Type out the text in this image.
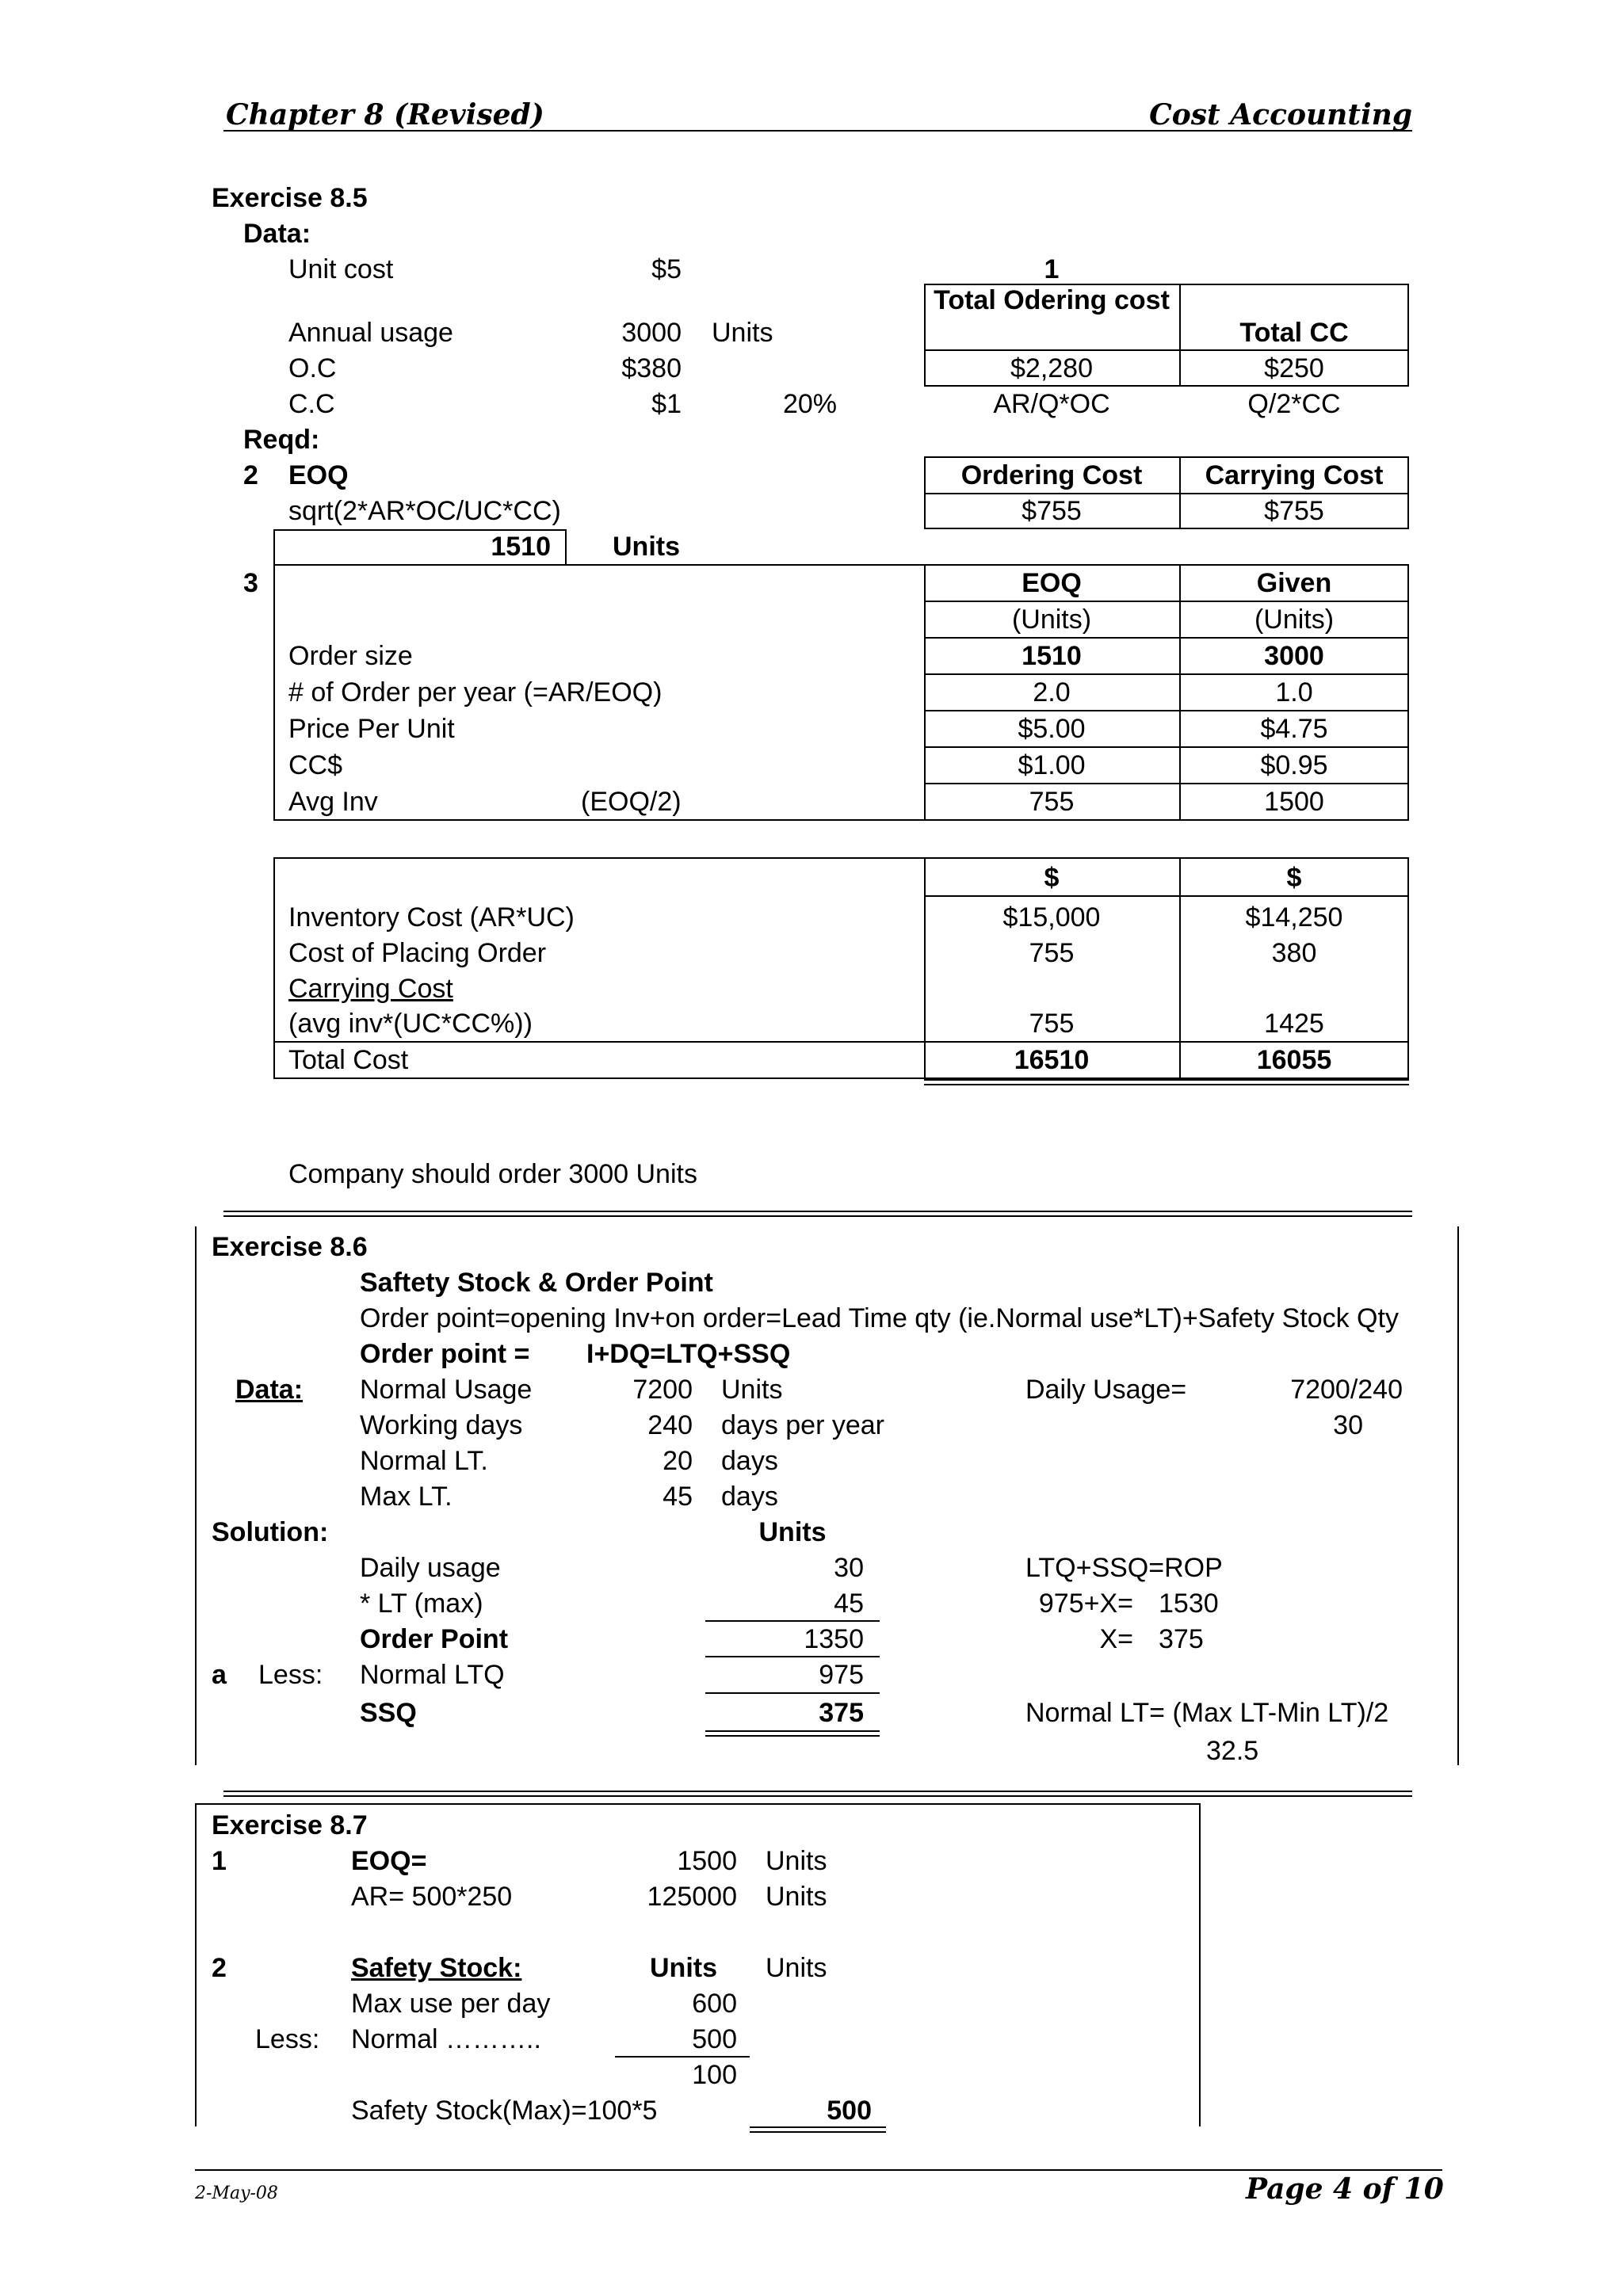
Chapter 8 (Revised)	Cost Accounting
Exercise 8.5
Data:
Unit cost	$5
Annual usage	3000 Units
O.C	$380
C.C	$1	20%
1
Total Odering cost
Total CC
$2,280	$250
AR/Q*OC	Q/2*CC
Reqd:
2 EOQ
sqrt(2*AR*OC/UC*CC)
Ordering Cost	Carrying Cost
$755	$755
1510 Units
3	EOQ	Given
(Units)	(Units)
Order size	1510	3000
# of Order per year (=AR/EOQ)	2.0	1.0
Price Per Unit	$5.00	$4.75
CC$	$1.00	$0.95
Avg Inv	(EOQ/2)	755	1500
$	$
Inventory Cost (AR*UC)	$15,000	$14,250
Cost of Placing Order	755	380
Carrying Cost
(avg inv*(UC*CC%))	755	1425
Total Cost	16510	16055
Company should order 3000 Units
Exercise 8.6
Saftety Stock & Order Point
Order point=opening Inv+on order=Lead Time qty (ie.Normal use*LT)+Safety Stock Qty
Order point = I+DQ=LTQ+SSQ
Data: Normal Usage	7200 Units
Working days	240 days per year
Normal LT.	20 days
Max LT.	45 days
Daily Usage=	7200/240
30
Solution:	Units
Daily usage	30
* LT (max)	45
Order Point	1350
a Less: Normal LTQ	975
SSQ	375
LTQ+SSQ=ROP
975+X= 1530
X= 375
Normal LT= (Max LT-Min LT)/2
32.5
Exercise 8.7
1	EOQ=	1500 Units
AR= 500*250	125000 Units
2	Safety Stock:	Units Units
Max use per day	600
Less: Normal ………..	500
100
Safety Stock(Max)=100*5	500
2-May-08	Page 4 of 10
